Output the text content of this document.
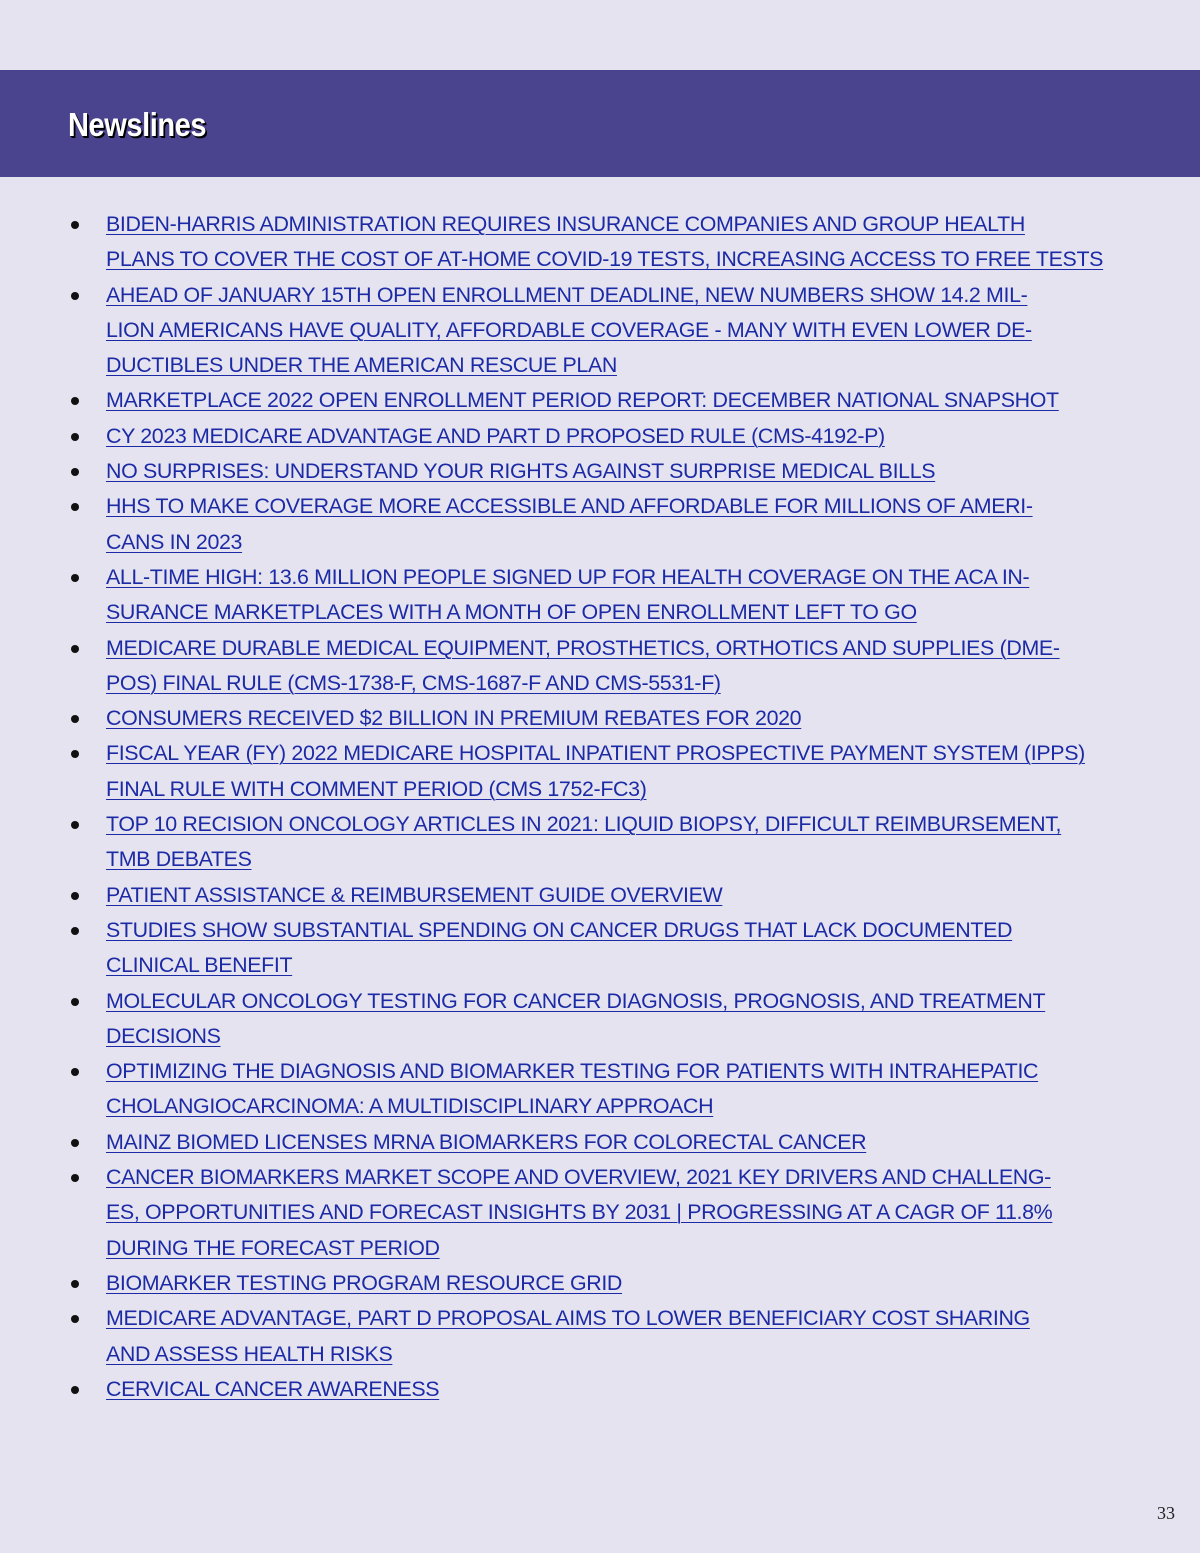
Newslines
BIDEN-HARRIS ADMINISTRATION REQUIRES INSURANCE COMPANIES AND GROUP HEALTH
PLANS TO COVER THE COST OF AT-HOME COVID-19 TESTS, INCREASING ACCESS TO FREE TESTS
AHEAD OF JANUARY 15TH OPEN ENROLLMENT DEADLINE, NEW NUMBERS SHOW 14.2 MIL-
LION AMERICANS HAVE QUALITY, AFFORDABLE COVERAGE - MANY WITH EVEN LOWER DE-
DUCTIBLES UNDER THE AMERICAN RESCUE PLAN
MARKETPLACE 2022 OPEN ENROLLMENT PERIOD REPORT: DECEMBER NATIONAL SNAPSHOT
CY 2023 MEDICARE ADVANTAGE AND PART D PROPOSED RULE (CMS-4192-P)
NO SURPRISES: UNDERSTAND YOUR RIGHTS AGAINST SURPRISE MEDICAL BILLS
HHS TO MAKE COVERAGE MORE ACCESSIBLE AND AFFORDABLE FOR MILLIONS OF AMERI-
CANS IN 2023
ALL-TIME HIGH: 13.6 MILLION PEOPLE SIGNED UP FOR HEALTH COVERAGE ON THE ACA IN-
SURANCE MARKETPLACES WITH A MONTH OF OPEN ENROLLMENT LEFT TO GO
MEDICARE DURABLE MEDICAL EQUIPMENT, PROSTHETICS, ORTHOTICS AND SUPPLIES (DME-
POS) FINAL RULE (CMS-1738-F, CMS-1687-F AND CMS-5531-F)
CONSUMERS RECEIVED $2 BILLION IN PREMIUM REBATES FOR 2020
FISCAL YEAR (FY) 2022 MEDICARE HOSPITAL INPATIENT PROSPECTIVE PAYMENT SYSTEM (IPPS)
FINAL RULE WITH COMMENT PERIOD (CMS 1752-FC3)
TOP 10 RECISION ONCOLOGY ARTICLES IN 2021: LIQUID BIOPSY, DIFFICULT REIMBURSEMENT,
TMB DEBATES
PATIENT ASSISTANCE & REIMBURSEMENT GUIDE OVERVIEW
STUDIES SHOW SUBSTANTIAL SPENDING ON CANCER DRUGS THAT LACK DOCUMENTED
CLINICAL BENEFIT
MOLECULAR ONCOLOGY TESTING FOR CANCER DIAGNOSIS, PROGNOSIS, AND TREATMENT
DECISIONS
OPTIMIZING THE DIAGNOSIS AND BIOMARKER TESTING FOR PATIENTS WITH INTRAHEPATIC
CHOLANGIOCARCINOMA: A MULTIDISCIPLINARY APPROACH
MAINZ BIOMED LICENSES MRNA BIOMARKERS FOR COLORECTAL CANCER
CANCER BIOMARKERS MARKET SCOPE AND OVERVIEW, 2021 KEY DRIVERS AND CHALLENG-
ES, OPPORTUNITIES AND FORECAST INSIGHTS BY 2031 | PROGRESSING AT A CAGR OF 11.8%
DURING THE FORECAST PERIOD
BIOMARKER TESTING PROGRAM RESOURCE GRID
MEDICARE ADVANTAGE, PART D PROPOSAL AIMS TO LOWER BENEFICIARY COST SHARING
AND ASSESS HEALTH RISKS
CERVICAL CANCER AWARENESS
33
